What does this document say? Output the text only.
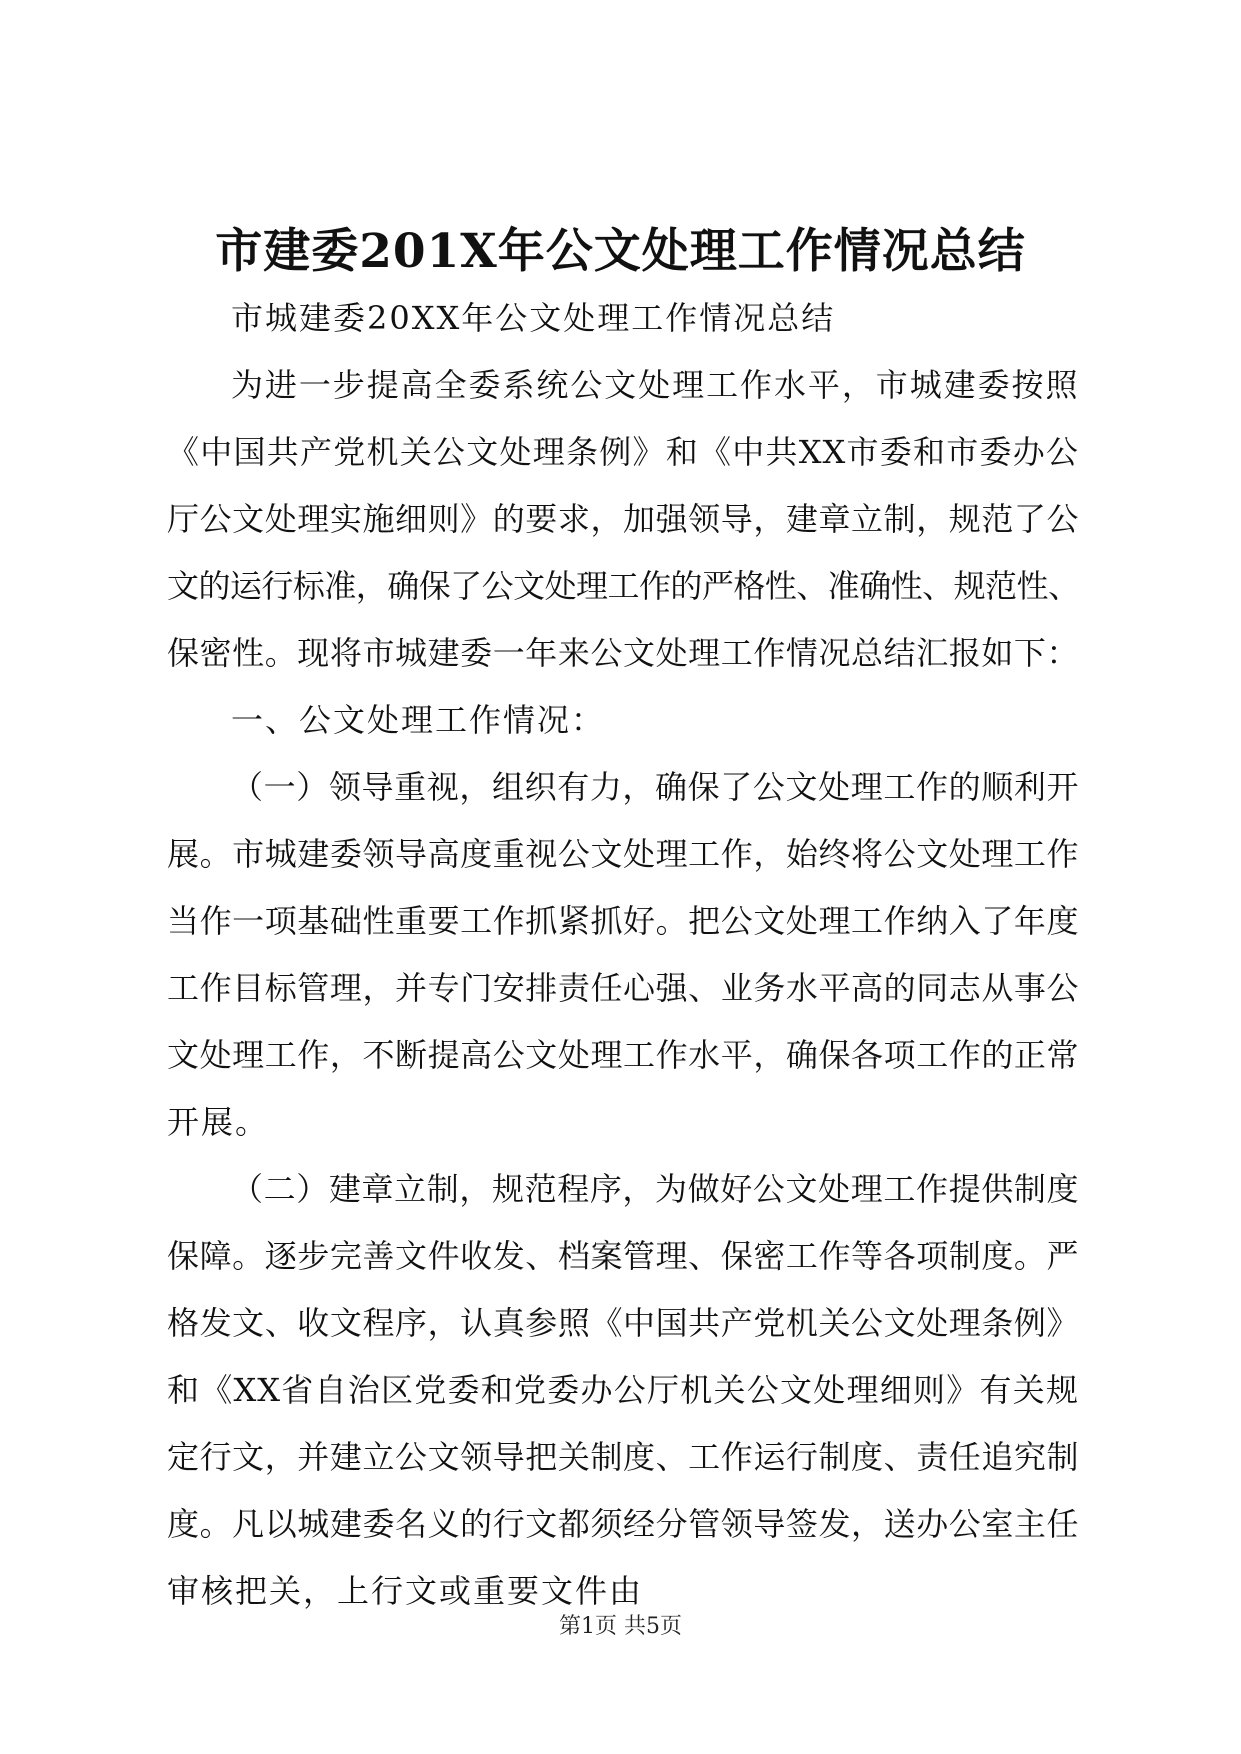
市建委201X年公文处理工作情况总结
市城建委20XX年公文处理工作情况总结
为进一步提高全委系统公文处理工作水平，市城建委按照
《中国共产党机关公文处理条例》和《中共XX市委和市委办公
厅公文处理实施细则》的要求，加强领导，建章立制，规范了公
文的运行标准，确保了公文处理工作的严格性、准确性、规范性、
保密性。现将市城建委一年来公文处理工作情况总结汇报如下：
一、公文处理工作情况：
（一）领导重视，组织有力，确保了公文处理工作的顺利开
展。市城建委领导高度重视公文处理工作，始终将公文处理工作
当作一项基础性重要工作抓紧抓好。把公文处理工作纳入了年度
工作目标管理，并专门安排责任心强、业务水平高的同志从事公
文处理工作，不断提高公文处理工作水平，确保各项工作的正常
开展。
（二）建章立制，规范程序，为做好公文处理工作提供制度
保障。逐步完善文件收发、档案管理、保密工作等各项制度。严
格发文、收文程序，认真参照《中国共产党机关公文处理条例》
和《XX省自治区党委和党委办公厅机关公文处理细则》有关规
定行文，并建立公文领导把关制度、工作运行制度、责任追究制
度。凡以城建委名义的行文都须经分管领导签发，送办公室主任
审核把关，上行文或重要文件由
第1页 共5页
